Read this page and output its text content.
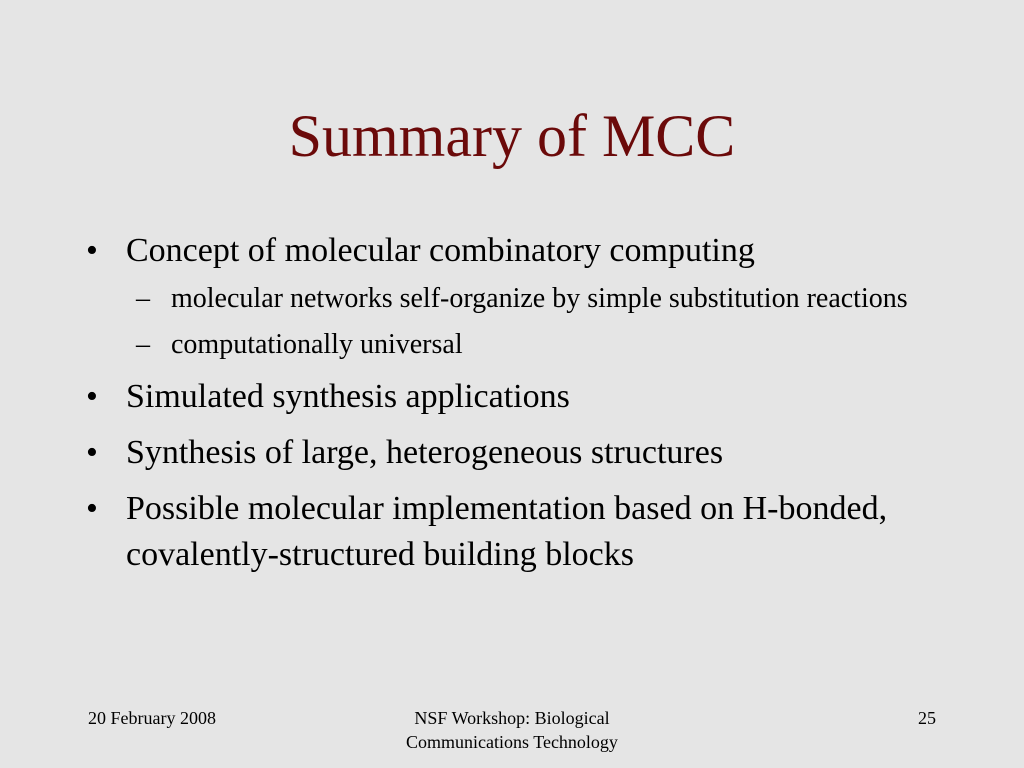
Summary of MCC
• Concept of molecular combinatory computing
– molecular networks self-organize by simple substitution reactions
– computationally universal
• Simulated synthesis applications
• Synthesis of large, heterogeneous structures
• Possible molecular implementation based on H-bonded, covalently-structured building blocks
20 February 2008	NSF Workshop: Biological Communications Technology
25
